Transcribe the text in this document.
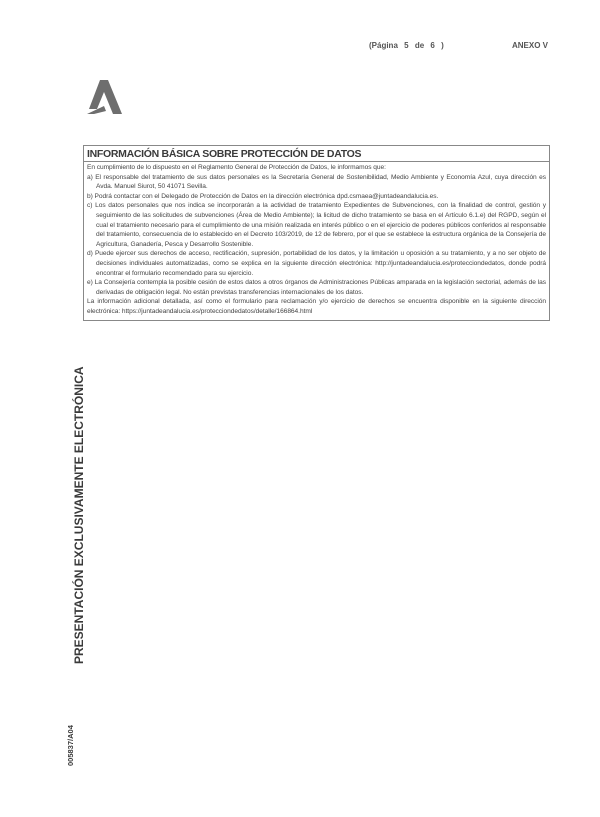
(Página 5 de 6 )	ANEXO V
INFORMACIÓN BÁSICA SOBRE PROTECCIÓN DE DATOS

En cumplimiento de lo dispuesto en el Reglamento General de Protección de Datos, le informamos que:

a) El responsable del tratamiento de sus datos personales es la Secretaría General de Sostenibilidad, Medio Ambiente y Economía Azul, cuya dirección es Avda. Manuel Siurot, 50 41071 Sevilla.

b) Podrá contactar con el Delegado de Protección de Datos en la dirección electrónica dpd.csmaea@juntadeandalucia.es.

c) Los datos personales que nos indica se incorporarán a la actividad de tratamiento Expedientes de Subvenciones, con la finalidad de control, gestión y seguimiento de las solicitudes de subvenciones (Área de Medio Ambiente); la licitud de dicho tratamiento se basa en el Artículo 6.1.e) del RGPD, según el cual el tratamiento necesario para el cumplimiento de una misión realizada en interés público o en el ejercicio de poderes públicos conferidos al responsable del tratamiento, consecuencia de lo establecido en el Decreto 103/2019, de 12 de febrero, por el que se establece la estructura orgánica de la Consejería de Agricultura, Ganadería, Pesca y Desarrollo Sostenible.

d) Puede ejercer sus derechos de acceso, rectificación, supresión, portabilidad de los datos, y la limitación u oposición a su tratamiento, y a no ser objeto de decisiones individuales automatizadas, como se explica en la siguiente dirección electrónica: http://juntadeandalucia.es/protecciondedatos, donde podrá encontrar el formulario recomendado para su ejercicio.

e) La Consejería contempla la posible cesión de estos datos a otros órganos de Administraciones Públicas amparada en la legislación sectorial, además de las derivadas de obligación legal. No están previstas transferencias internacionales de los datos.

La información adicional detallada, así como el formulario para reclamación y/o ejercicio de derechos se encuentra disponible en la siguiente dirección electrónica: https://juntadeandalucia.es/protecciondedatos/detalle/166864.html

PRESENTACIÓN EXCLUSIVAMENTE ELECTRÓNICA
005837/A04
